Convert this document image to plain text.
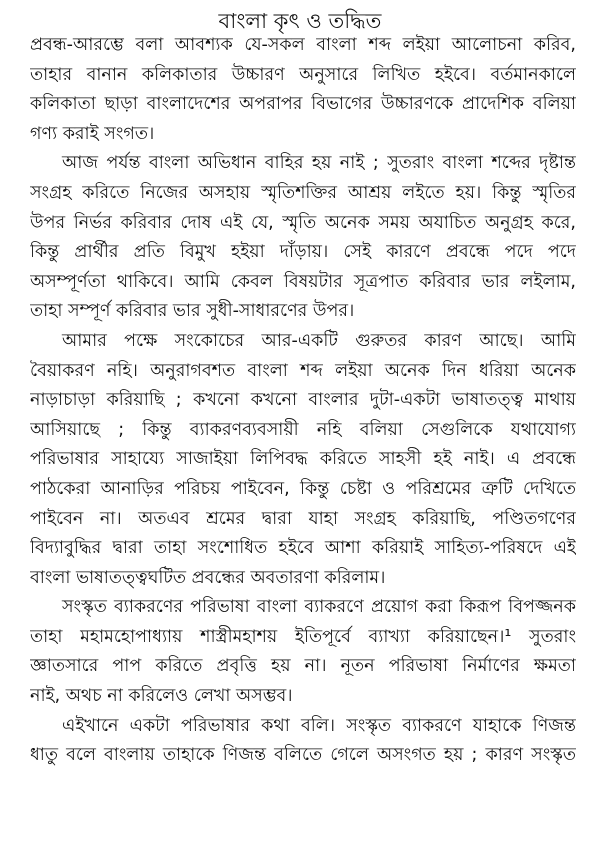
বাংলা কৃৎ ও তদ্ধিত
প্রবন্ধ-আরম্ভে বলা আবশ্যক যে-সকল বাংলা শব্দ লইয়া আলোচনা করিব,
তাহার বানান কলিকাতার উচ্চারণ অনুসারে লিখিত হইবে। বর্তমানকালে
কলিকাতা ছাড়া বাংলাদেশের অপরাপর বিভাগের উচ্চারণকে প্রাদেশিক বলিয়া
গণ্য করাই সংগত।
আজ পর্যন্ত বাংলা অভিধান বাহির হয় নাই ; সুতরাং বাংলা শব্দের দৃষ্টান্ত
সংগ্রহ করিতে নিজের অসহায় স্মৃতিশক্তির আশ্রয় লইতে হয়। কিন্তু স্মৃতির
উপর নির্ভর করিবার দোষ এই যে, স্মৃতি অনেক সময় অযাচিত অনুগ্রহ করে,
কিন্তু প্রার্থীর প্রতি বিমুখ হইয়া দাঁড়ায়। সেই কারণে প্রবন্ধে পদে পদে
অসম্পূর্ণতা থাকিবে। আমি কেবল বিষয়টার সূত্রপাত করিবার ভার লইলাম,
তাহা সম্পূর্ণ করিবার ভার সুধী-সাধারণের উপর।
আমার পক্ষে সংকোচের আর-একটি গুরুতর কারণ আছে। আমি
বৈয়াকরণ নহি। অনুরাগবশত বাংলা শব্দ লইয়া অনেক দিন ধরিয়া অনেক
নাড়াচাড়া করিয়াছি ; কখনো কখনো বাংলার দুটা-একটা ভাষাতত্ত্ব মাথায়
আসিয়াছে ; কিন্তু ব্যাকরণব্যবসায়ী নহি বলিয়া সেগুলিকে যথাযোগ্য
পরিভাষার সাহায্যে সাজাইয়া লিপিবদ্ধ করিতে সাহসী হই নাই। এ প্রবন্ধে
পাঠকেরা আনাড়ির পরিচয় পাইবেন, কিন্তু চেষ্টা ও পরিশ্রমের ত্রুটি দেখিতে
পাইবেন না। অতএব শ্রমের দ্বারা যাহা সংগ্রহ করিয়াছি, পণ্ডিতগণের
বিদ্যাবুদ্ধির দ্বারা তাহা সংশোধিত হইবে আশা করিয়াই সাহিত্য-পরিষদে এই
বাংলা ভাষাতত্ত্বঘটিত প্রবন্ধের অবতারণা করিলাম।
সংস্কৃত ব্যাকরণের পরিভাষা বাংলা ব্যাকরণে প্রয়োগ করা কিরূপ বিপজ্জনক
তাহা মহামহোপাধ্যায় শাস্ত্রীমহাশয় ইতিপূর্বে ব্যাখ্যা করিয়াছেন।¹ সুতরাং
জ্ঞাতসারে পাপ করিতে প্রবৃত্তি হয় না। নূতন পরিভাষা নির্মাণের ক্ষমতা
নাই, অথচ না করিলেও লেখা অসম্ভব।
এইখানে একটা পরিভাষার কথা বলি। সংস্কৃত ব্যাকরণে যাহাকে ণিজন্ত
ধাতু বলে বাংলায় তাহাকে ণিজন্ত বলিতে গেলে অসংগত হয় ; কারণ সংস্কৃত
